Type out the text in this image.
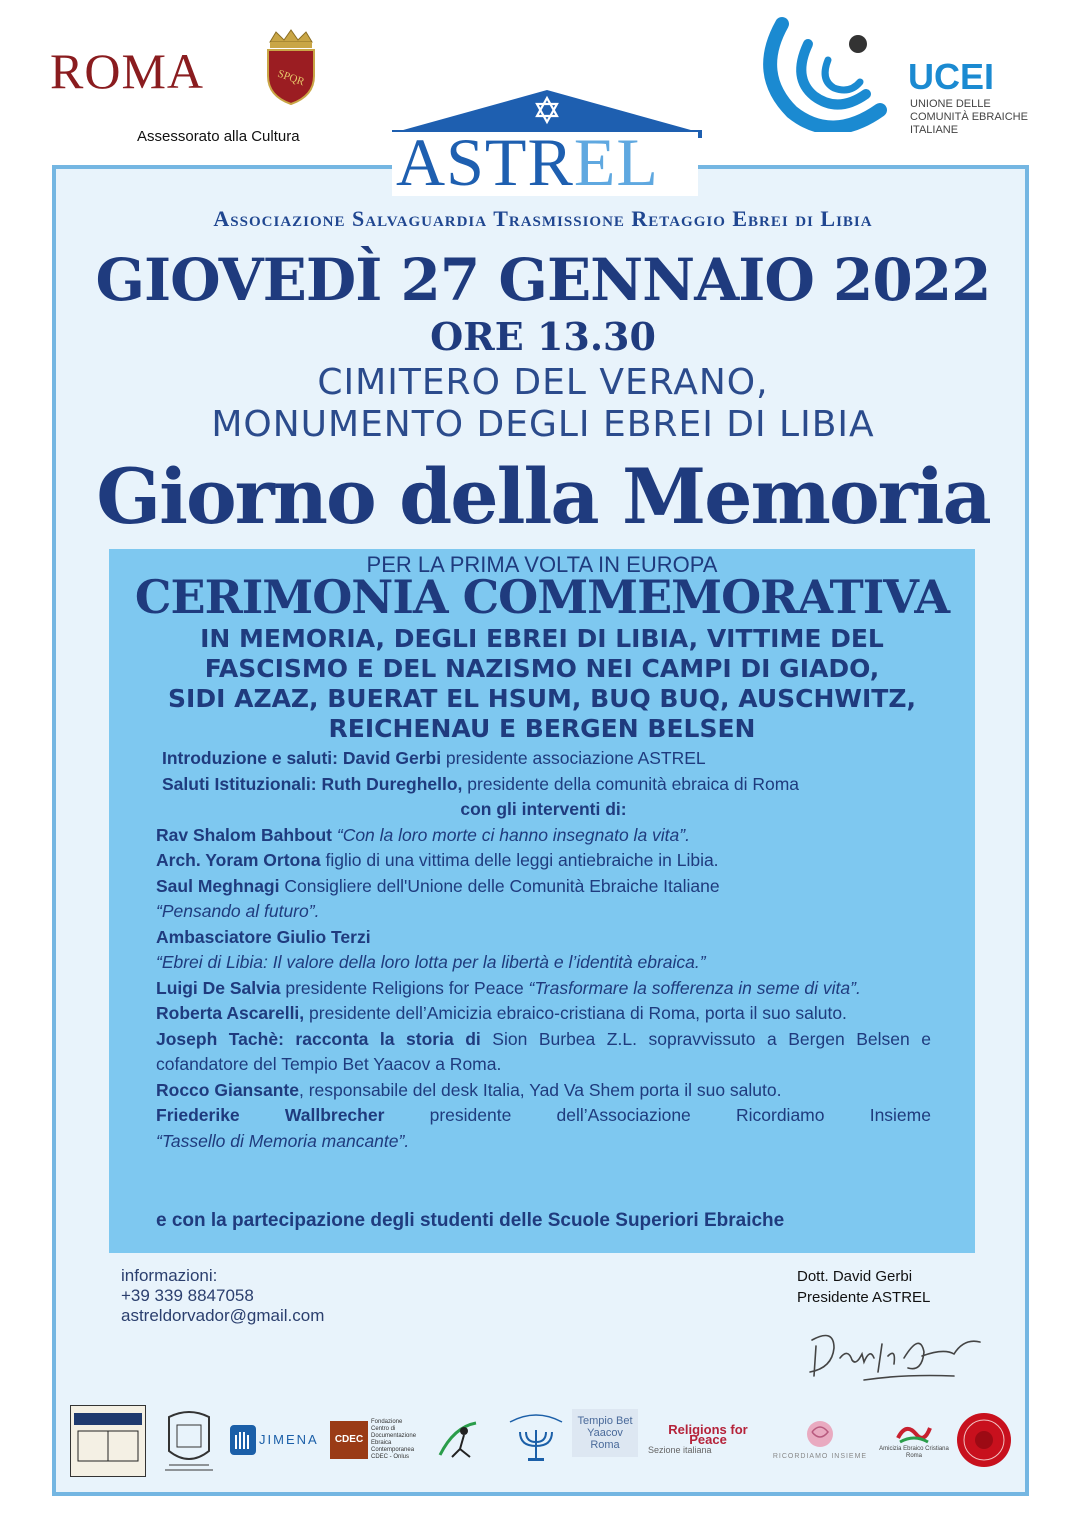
ROMA	SPQR
Assessorato alla Cultura
UCEI
UNIONE DELLE
COMUNITÀ EBRAICHE
ITALIANE
ASTREL
Associazione Salvaguardia Trasmissione Retaggio Ebrei di Libia
GIOVEDÌ 27 GENNAIO 2022
ORE 13.30
CIMITERO DEL VERANO,
MONUMENTO DEGLI EBREI DI LIBIA
Giorno della Memoria
PER LA PRIMA VOLTA IN EUROPA
CERIMONIA COMMEMORATIVA
IN MEMORIA, DEGLI EBREI DI LIBIA, VITTIME DEL
FASCISMO E DEL NAZISMO NEI CAMPI DI GIADO,
SIDI AZAZ, BUERAT EL HSUM, BUQ BUQ, AUSCHWITZ,
REICHENAU E BERGEN BELSEN

Introduzione e saluti: David Gerbi presidente associazione ASTREL

Saluti Istituzionali: Ruth Dureghello, presidente della comunità ebraica di Roma

con gli interventi di:

Rav Shalom Bahbout “Con la loro morte ci hanno insegnato la vita”.

Arch. Yoram Ortona figlio di una vittima delle leggi antiebraiche in Libia.

Saul Meghnagi Consigliere dell'Unione delle Comunità Ebraiche Italiane
“Pensando al futuro”.

Ambasciatore Giulio Terzi
“Ebrei di Libia: Il valore della loro lotta per la libertà e l’identità ebraica.”

Luigi De Salvia presidente Religions for Peace “Trasformare la sofferenza in seme di vita”.

Roberta Ascarelli, presidente dell’Amicizia ebraico-cristiana di Roma, porta il suo saluto.

Joseph Tachè: racconta la storia di Sion Burbea Z.L. sopravvissuto a Bergen Belsen e cofandatore del Tempio Bet Yaacov a Roma.

Rocco Giansante, responsabile del desk Italia, Yad Va Shem porta il suo saluto.

Friederike Wallbrecher presidente dell’Associazione Ricordiamo Insieme

“Tassello di Memoria mancante”.

e con la partecipazione degli studenti delle Scuole Superiori Ebraiche
informazioni:
+39 339 8847058
astreldorvador@gmail.com
Dott. David Gerbi
Presidente ASTREL
JIMENA	CDEC
Fondazione Centro di Documentazione Ebraica Contemporanea CDEC - Onlus
Tempio Bet Yaacov Roma
Religions for Peace
Sezione italiana
RICORDIAMO INSIEME
Amicizia Ebraico Cristiana Roma
